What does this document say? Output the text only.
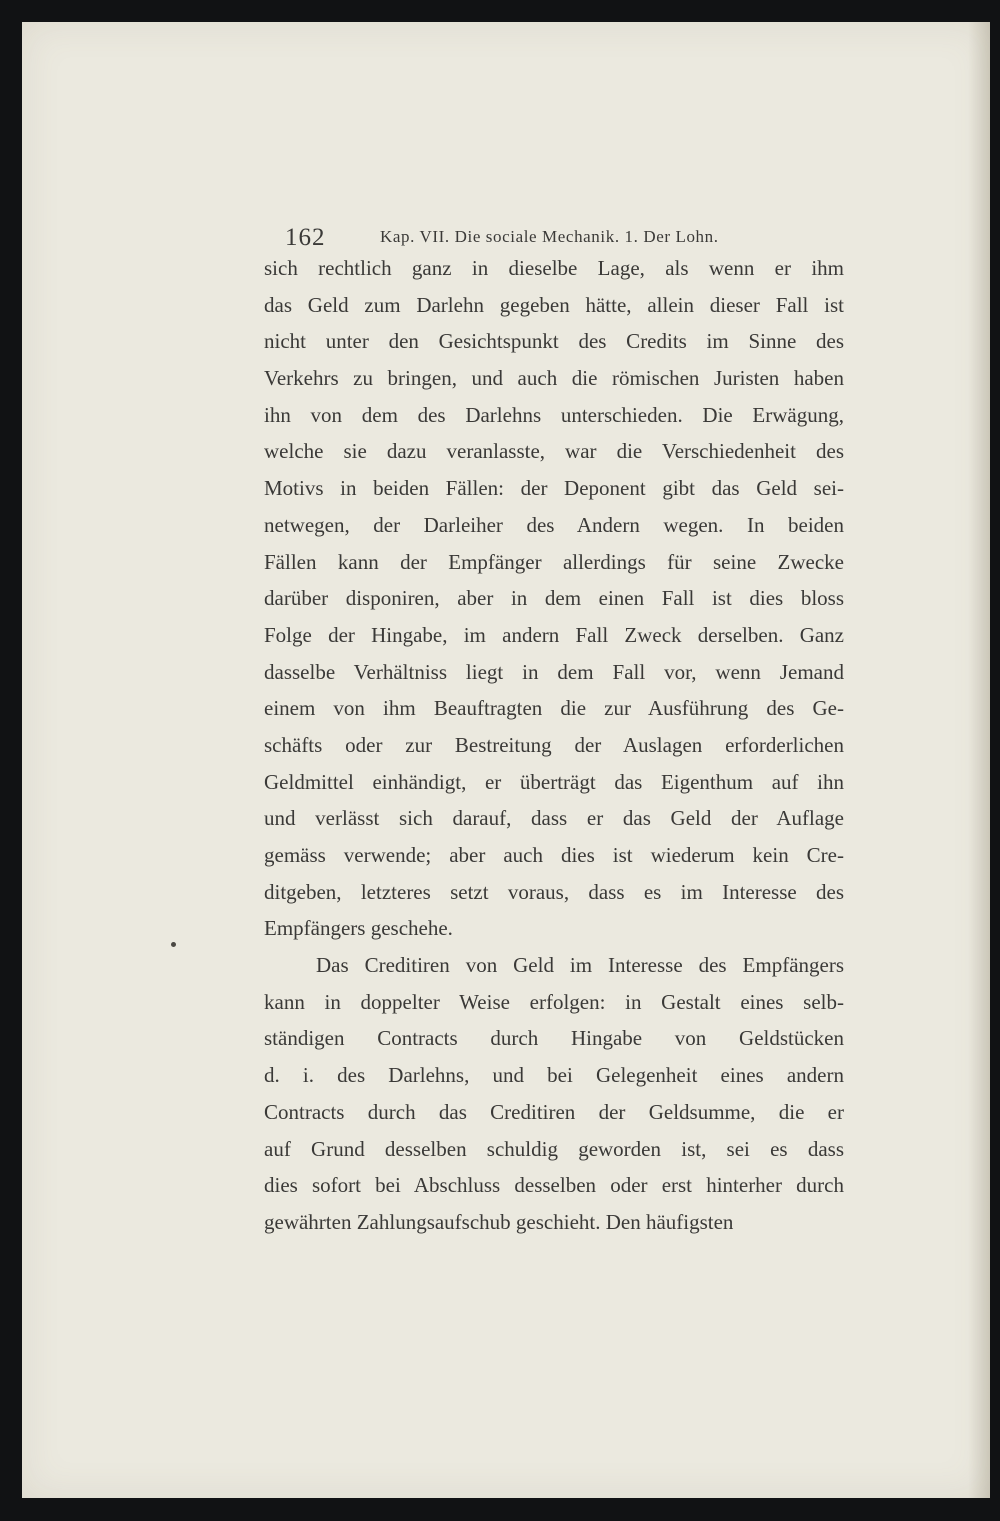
162	Kap. VII. Die sociale Mechanik. 1. Der Lohn.
sich rechtlich ganz in dieselbe Lage, als wenn er ihm
das Geld zum Darlehn gegeben hätte, allein dieser Fall ist
nicht unter den Gesichtspunkt des Credits im Sinne des
Verkehrs zu bringen, und auch die römischen Juristen haben
ihn von dem des Darlehns unterschieden. Die Erwägung,
welche sie dazu veranlasste, war die Verschiedenheit des
Motivs in beiden Fällen: der Deponent gibt das Geld sei-
netwegen, der Darleiher des Andern wegen. In beiden
Fällen kann der Empfänger allerdings für seine Zwecke
darüber disponiren, aber in dem einen Fall ist dies bloss
Folge der Hingabe, im andern Fall Zweck derselben. Ganz
dasselbe Verhältniss liegt in dem Fall vor, wenn Jemand
einem von ihm Beauftragten die zur Ausführung des Ge-
schäfts oder zur Bestreitung der Auslagen erforderlichen
Geldmittel einhändigt, er überträgt das Eigenthum auf ihn
und verlässt sich darauf, dass er das Geld der Auflage
gemäss verwende; aber auch dies ist wiederum kein Cre-
ditgeben, letzteres setzt voraus, dass es im Interesse des
Empfängers geschehe.
Das Creditiren von Geld im Interesse des Empfängers
kann in doppelter Weise erfolgen: in Gestalt eines selb-
ständigen Contracts durch Hingabe von Geldstücken
d. i. des Darlehns, und bei Gelegenheit eines andern
Contracts durch das Creditiren der Geldsumme, die er
auf Grund desselben schuldig geworden ist, sei es dass
dies sofort bei Abschluss desselben oder erst hinterher durch
gewährten Zahlungsaufschub geschieht. Den häufigsten
